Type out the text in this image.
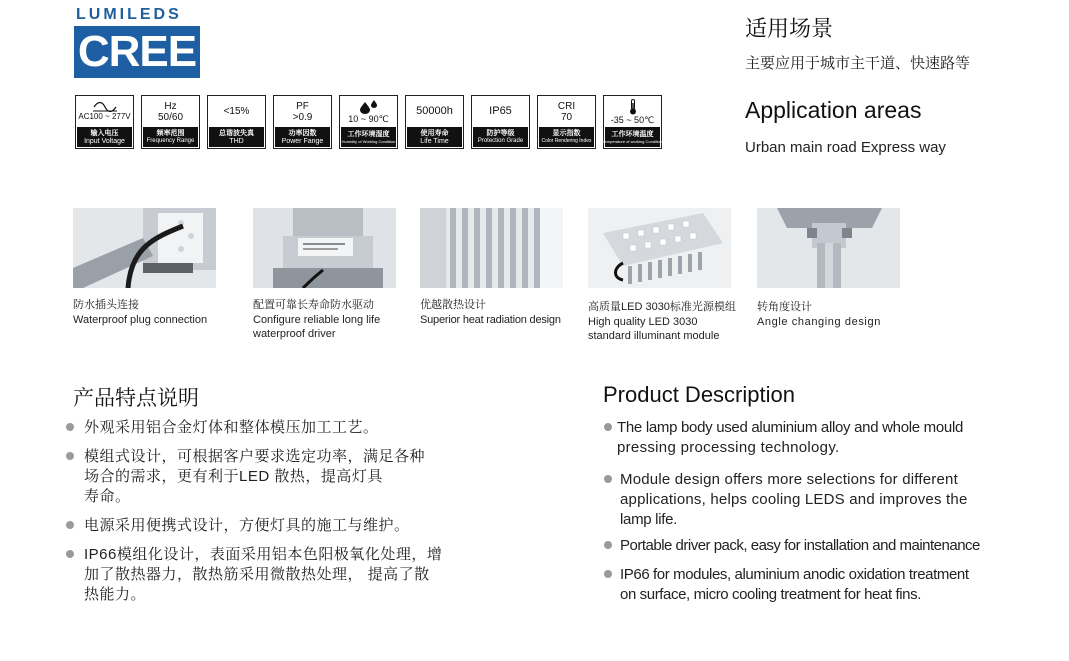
LUMILEDS
CREE
AC100 ~ 277V
输入电压
Input Voltage
Hz
50/60
频率范围
Frequency Range
<15%
总谐波失真
THD
PF
>0.9
功率因数
Power Fange
10 ~ 90℃
工作环境湿度
Humidity of Working Condition
50000h
使用寿命
Life Time
IP65
防护等级
Protection Grade
CRI
70
显示指数
Color Rendering Index
-35 ~ 50℃
工作环境温度
Temperature of working Condition
适用场景
主要应用于城市主干道、快速路等
Application areas
Urban main road Express way
防水插头连接
Waterproof plug connection
配置可靠长寿命防水驱动
Configure reliable long life
waterproof driver
优越散热设计
Superior heat radiation design
高质量LED 3030标准光源模组
High quality LED 3030
standard illuminant module
转角度设计
Angle changing design
产品特点说明
外观采用铝合金灯体和整体模压加工工艺。
模组式设计，可根据客户要求选定功率，满足各种
场合的需求，更有利于LED 散热，提高灯具
寿命。
电源采用便携式设计，方便灯具的施工与维护。
IP66模组化设计，表面采用铝本色阳极氧化处理，增
加了散热器力，散热筋采用微散热处理， 提高了散
热能力。
Product Description
The lamp body used aluminium alloy and whole mould
pressing processing technology.
Module design offers more selections for different
applications, helps cooling LEDS and improves the
lamp life.
Portable driver pack, easy for installation and maintenance
IP66 for modules, aluminium anodic oxidation treatment
on surface, micro cooling treatment for heat fins.
